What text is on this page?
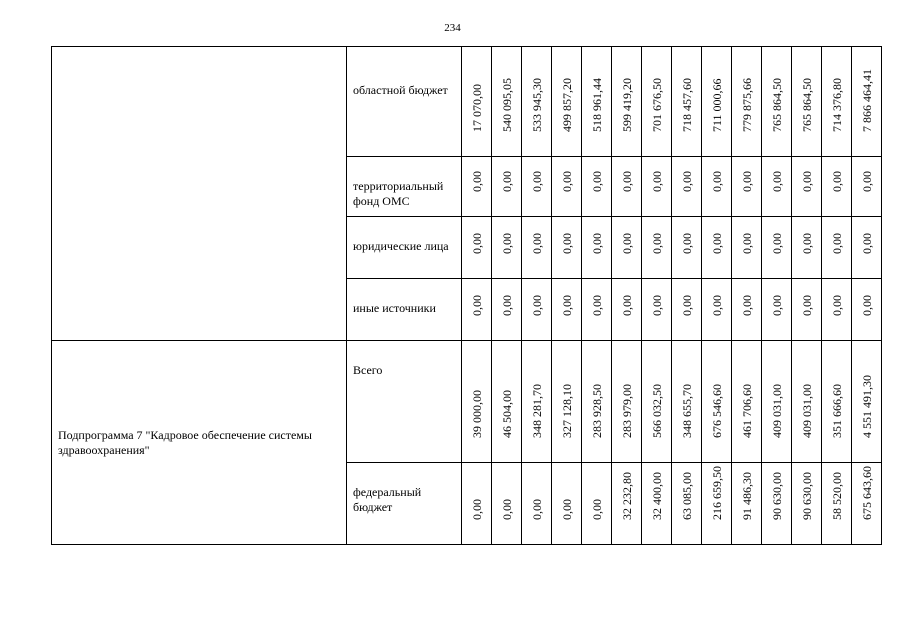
234
	областной бюджет	17 070,00	540 095,05	533 945,30	499 857,20	518 961,44	599 419,20	701 676,50	718 457,60	711 000,66	779 875,66	765 864,50	765 864,50	714 376,80	7 866 464,41

	территориальный фонд ОМС	0,00	0,00	0,00	0,00	0,00	0,00	0,00	0,00	0,00	0,00	0,00	0,00	0,00	0,00

	юридические лица	0,00	0,00	0,00	0,00	0,00	0,00	0,00	0,00	0,00	0,00	0,00	0,00	0,00	0,00

	иные источники	0,00	0,00	0,00	0,00	0,00	0,00	0,00	0,00	0,00	0,00	0,00	0,00	0,00	0,00

Подпрограмма 7 "Кадровое обеспечение системы здравоохранения"	Всего	39 000,00	46 504,00	348 281,70	327 128,10	283 928,50	283 979,00	566 032,50	348 655,70	676 546,60	461 706,60	409 031,00	409 031,00	351 666,60	4 551 491,30

	федеральный бюджет	0,00	0,00	0,00	0,00	0,00	32 232,80	32 400,00	63 085,00	216 659,50	91 486,30	90 630,00	90 630,00	58 520,00	675 643,60
